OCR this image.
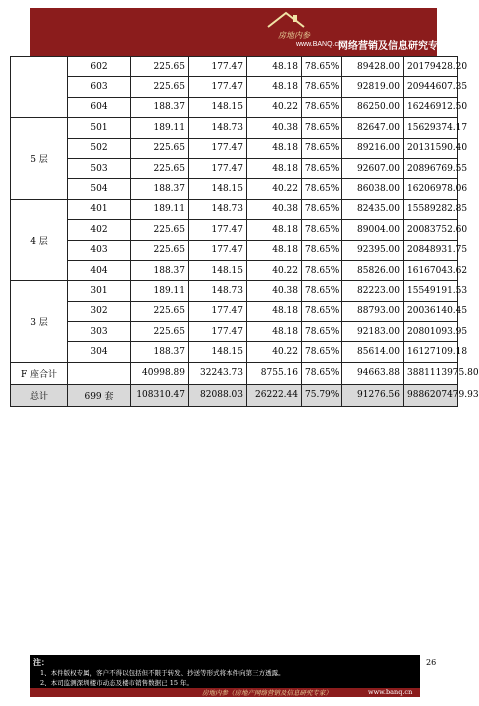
房地内参
www.BANQ.cn
网络营销及信息研究专家
	602	225.65	177.47	48.18	78.65%	89428.00	20179428.20
	603	225.65	177.47	48.18	78.65%	92819.00	20944607.35
	604	188.37	148.15	40.22	78.65%	86250.00	16246912.50
5 层	501	189.11	148.73	40.38	78.65%	82647.00	15629374.17
	502	225.65	177.47	48.18	78.65%	89216.00	20131590.40
	503	225.65	177.47	48.18	78.65%	92607.00	20896769.55
	504	188.37	148.15	40.22	78.65%	86038.00	16206978.06
4 层	401	189.11	148.73	40.38	78.65%	82435.00	15589282.85
	402	225.65	177.47	48.18	78.65%	89004.00	20083752.60
	403	225.65	177.47	48.18	78.65%	92395.00	20848931.75
	404	188.37	148.15	40.22	78.65%	85826.00	16167043.62
3 层	301	189.11	148.73	40.38	78.65%	82223.00	15549191.53
	302	225.65	177.47	48.18	78.65%	88793.00	20036140.45
	303	225.65	177.47	48.18	78.65%	92183.00	20801093.95
	304	188.37	148.15	40.22	78.65%	85614.00	16127109.18
F 座合计		40998.89	32243.73	8755.16	78.65%	94663.88	3881113975.80
总计	699 套	108310.47	82088.03	26222.44	75.79%	91276.56	9886207479.93
26
注：
1、本件版权专属，客户不得以包括但不限于转发、抄送等形式将本件向第三方透露。
2、本司监测深圳楼市动态及楼市销售数据已 15 年。
房地内参（房地产网络营销及信息研究专家）	www.banq.cn
